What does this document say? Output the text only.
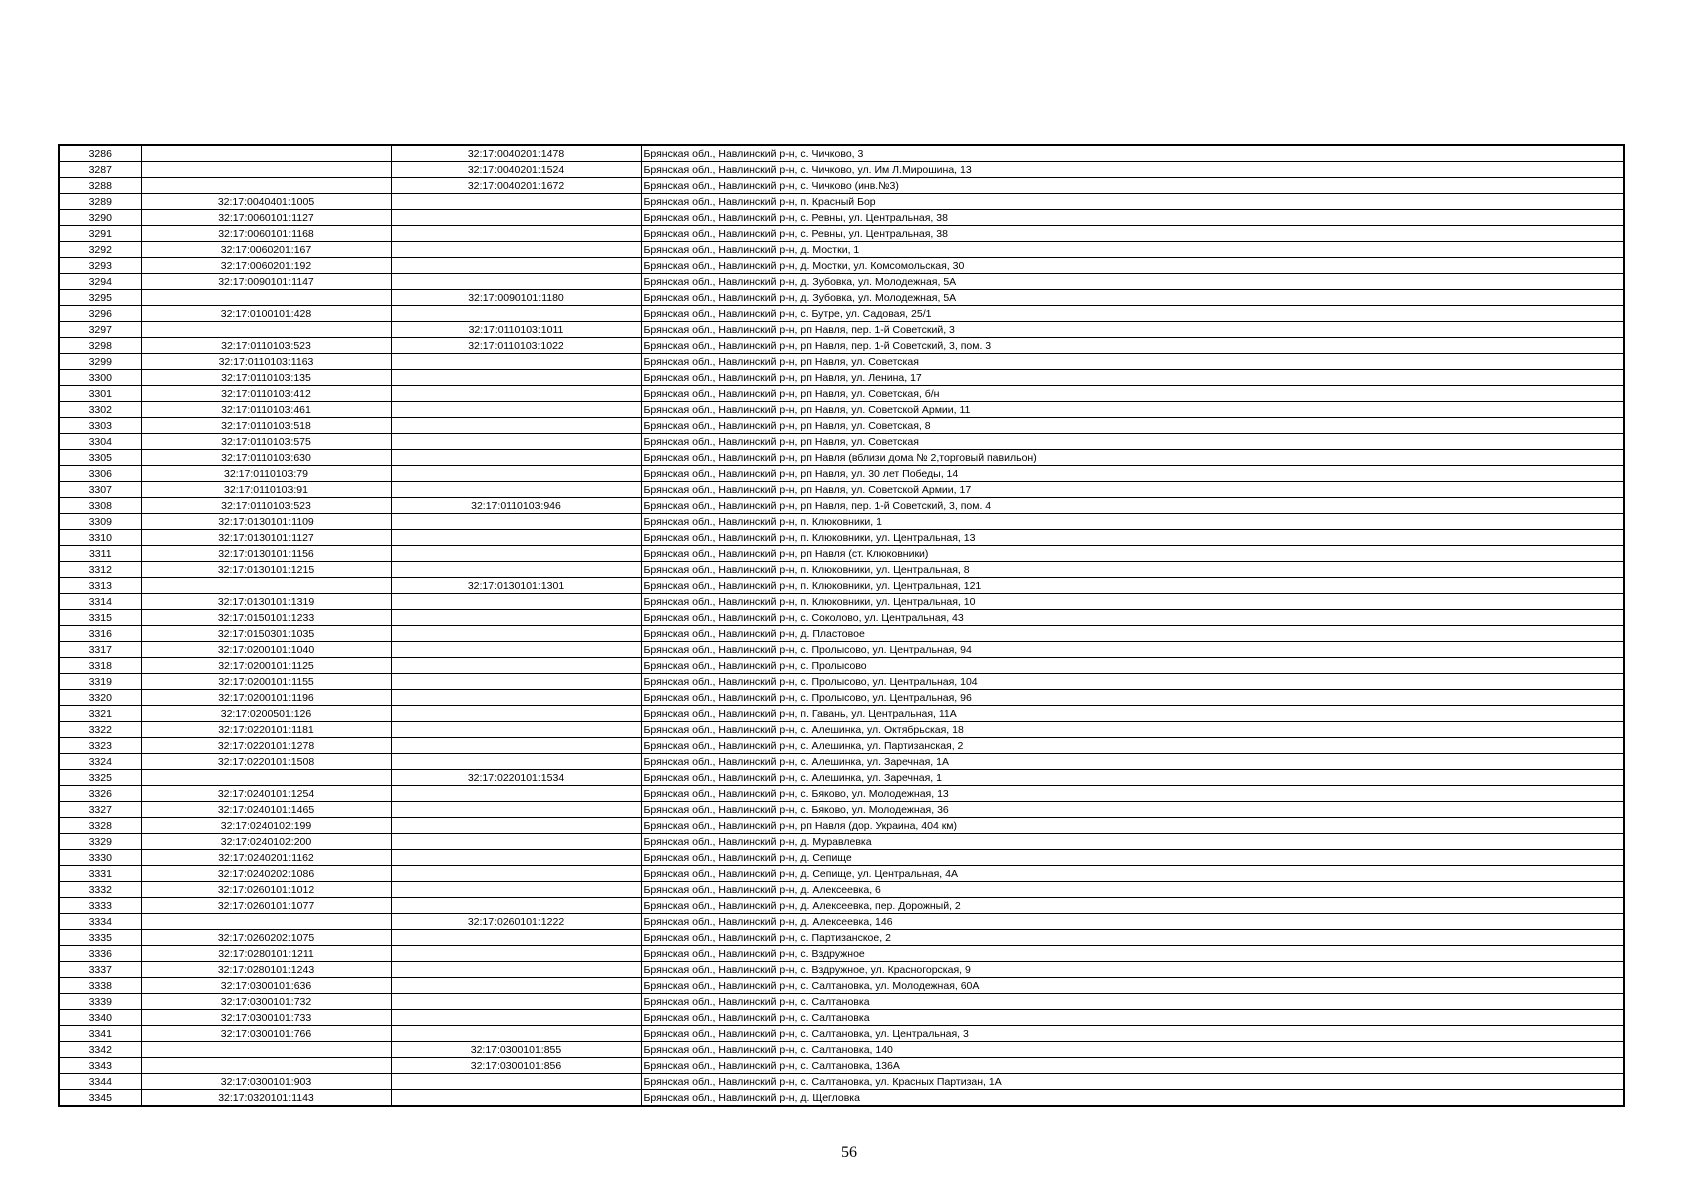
3286		32:17:0040201:1478	Брянская обл., Навлинский р-н, с. Чичково, 3
3287		32:17:0040201:1524	Брянская обл., Навлинский р-н, с. Чичково, ул. Им Л.Мирошина, 13
3288		32:17:0040201:1672	Брянская обл., Навлинский р-н, с. Чичково (инв.№3)
3289	32:17:0040401:1005		Брянская обл., Навлинский р-н, п. Красный Бор
3290	32:17:0060101:1127		Брянская обл., Навлинский р-н, с. Ревны, ул. Центральная, 38
3291	32:17:0060101:1168		Брянская обл., Навлинский р-н, с. Ревны, ул. Центральная, 38
3292	32:17:0060201:167		Брянская обл., Навлинский р-н, д. Мостки, 1
3293	32:17:0060201:192		Брянская обл., Навлинский р-н, д. Мостки, ул. Комсомольская, 30
3294	32:17:0090101:1147		Брянская обл., Навлинский р-н, д. Зубовка, ул. Молодежная, 5А
3295		32:17:0090101:1180	Брянская обл., Навлинский р-н, д. Зубовка, ул. Молодежная, 5А
3296	32:17:0100101:428		Брянская обл., Навлинский р-н, с. Бутре, ул. Садовая, 25/1
3297		32:17:0110103:1011	Брянская обл., Навлинский р-н, рп Навля, пер. 1-й Советский, 3
3298	32:17:0110103:523	32:17:0110103:1022	Брянская обл., Навлинский р-н, рп Навля, пер. 1-й Советский, 3, пом. 3
3299	32:17:0110103:1163		Брянская обл., Навлинский р-н, рп Навля, ул. Советская
3300	32:17:0110103:135		Брянская обл., Навлинский р-н, рп Навля, ул. Ленина, 17
3301	32:17:0110103:412		Брянская обл., Навлинский р-н, рп Навля, ул. Советская, б/н
3302	32:17:0110103:461		Брянская обл., Навлинский р-н, рп Навля, ул. Советской Армии, 11
3303	32:17:0110103:518		Брянская обл., Навлинский р-н, рп Навля, ул. Советская, 8
3304	32:17:0110103:575		Брянская обл., Навлинский р-н, рп Навля, ул. Советская
3305	32:17:0110103:630		Брянская обл., Навлинский р-н, рп Навля (вблизи дома № 2,торговый павильон)
3306	32:17:0110103:79		Брянская обл., Навлинский р-н, рп Навля, ул. 30 лет Победы, 14
3307	32:17:0110103:91		Брянская обл., Навлинский р-н, рп Навля, ул. Советской Армии, 17
3308	32:17:0110103:523	32:17:0110103:946	Брянская обл., Навлинский р-н, рп Навля, пер. 1-й Советский, 3, пом. 4
3309	32:17:0130101:1109		Брянская обл., Навлинский р-н, п. Клюковники, 1
3310	32:17:0130101:1127		Брянская обл., Навлинский р-н, п. Клюковники, ул. Центральная, 13
3311	32:17:0130101:1156		Брянская обл., Навлинский р-н, рп Навля (ст. Клюковники)
3312	32:17:0130101:1215		Брянская обл., Навлинский р-н, п. Клюковники, ул. Центральная, 8
3313		32:17:0130101:1301	Брянская обл., Навлинский р-н, п. Клюковники, ул. Центральная, 121
3314	32:17:0130101:1319		Брянская обл., Навлинский р-н, п. Клюковники, ул. Центральная, 10
3315	32:17:0150101:1233		Брянская обл., Навлинский р-н, с. Соколово, ул. Центральная, 43
3316	32:17:0150301:1035		Брянская обл., Навлинский р-н, д. Пластовое
3317	32:17:0200101:1040		Брянская обл., Навлинский р-н, с. Пролысово, ул. Центральная, 94
3318	32:17:0200101:1125		Брянская обл., Навлинский р-н, с. Пролысово
3319	32:17:0200101:1155		Брянская обл., Навлинский р-н, с. Пролысово, ул. Центральная, 104
3320	32:17:0200101:1196		Брянская обл., Навлинский р-н, с. Пролысово, ул. Центральная, 96
3321	32:17:0200501:126		Брянская обл., Навлинский р-н, п. Гавань, ул. Центральная, 11А
3322	32:17:0220101:1181		Брянская обл., Навлинский р-н, с. Алешинка, ул. Октябрьская, 18
3323	32:17:0220101:1278		Брянская обл., Навлинский р-н, с. Алешинка, ул. Партизанская, 2
3324	32:17:0220101:1508		Брянская обл., Навлинский р-н, с. Алешинка, ул. Заречная, 1А
3325		32:17:0220101:1534	Брянская обл., Навлинский р-н, с. Алешинка, ул. Заречная, 1
3326	32:17:0240101:1254		Брянская обл., Навлинский р-н, с. Бяково, ул. Молодежная, 13
3327	32:17:0240101:1465		Брянская обл., Навлинский р-н, с. Бяково, ул. Молодежная, 36
3328	32:17:0240102:199		Брянская обл., Навлинский р-н, рп Навля (дор. Украина, 404 км)
3329	32:17:0240102:200		Брянская обл., Навлинский р-н, д. Муравлевка
3330	32:17:0240201:1162		Брянская обл., Навлинский р-н, д. Сепище
3331	32:17:0240202:1086		Брянская обл., Навлинский р-н, д. Сепище, ул. Центральная, 4А
3332	32:17:0260101:1012		Брянская обл., Навлинский р-н, д. Алексеевка, 6
3333	32:17:0260101:1077		Брянская обл., Навлинский р-н, д. Алексеевка, пер. Дорожный, 2
3334		32:17:0260101:1222	Брянская обл., Навлинский р-н, д. Алексеевка, 146
3335	32:17:0260202:1075		Брянская обл., Навлинский р-н, с. Партизанское, 2
3336	32:17:0280101:1211		Брянская обл., Навлинский р-н, с. Вздружное
3337	32:17:0280101:1243		Брянская обл., Навлинский р-н, с. Вздружное, ул. Красногорская, 9
3338	32:17:0300101:636		Брянская обл., Навлинский р-н, с. Салтановка, ул. Молодежная, 60А
3339	32:17:0300101:732		Брянская обл., Навлинский р-н, с. Салтановка
3340	32:17:0300101:733		Брянская обл., Навлинский р-н, с. Салтановка
3341	32:17:0300101:766		Брянская обл., Навлинский р-н, с. Салтановка, ул. Центральная, 3
3342		32:17:0300101:855	Брянская обл., Навлинский р-н, с. Салтановка, 140
3343		32:17:0300101:856	Брянская обл., Навлинский р-н, с. Салтановка, 136А
3344	32:17:0300101:903		Брянская обл., Навлинский р-н, с. Салтановка, ул. Красных Партизан, 1А
3345	32:17:0320101:1143		Брянская обл., Навлинский р-н, д. Щегловка
56
